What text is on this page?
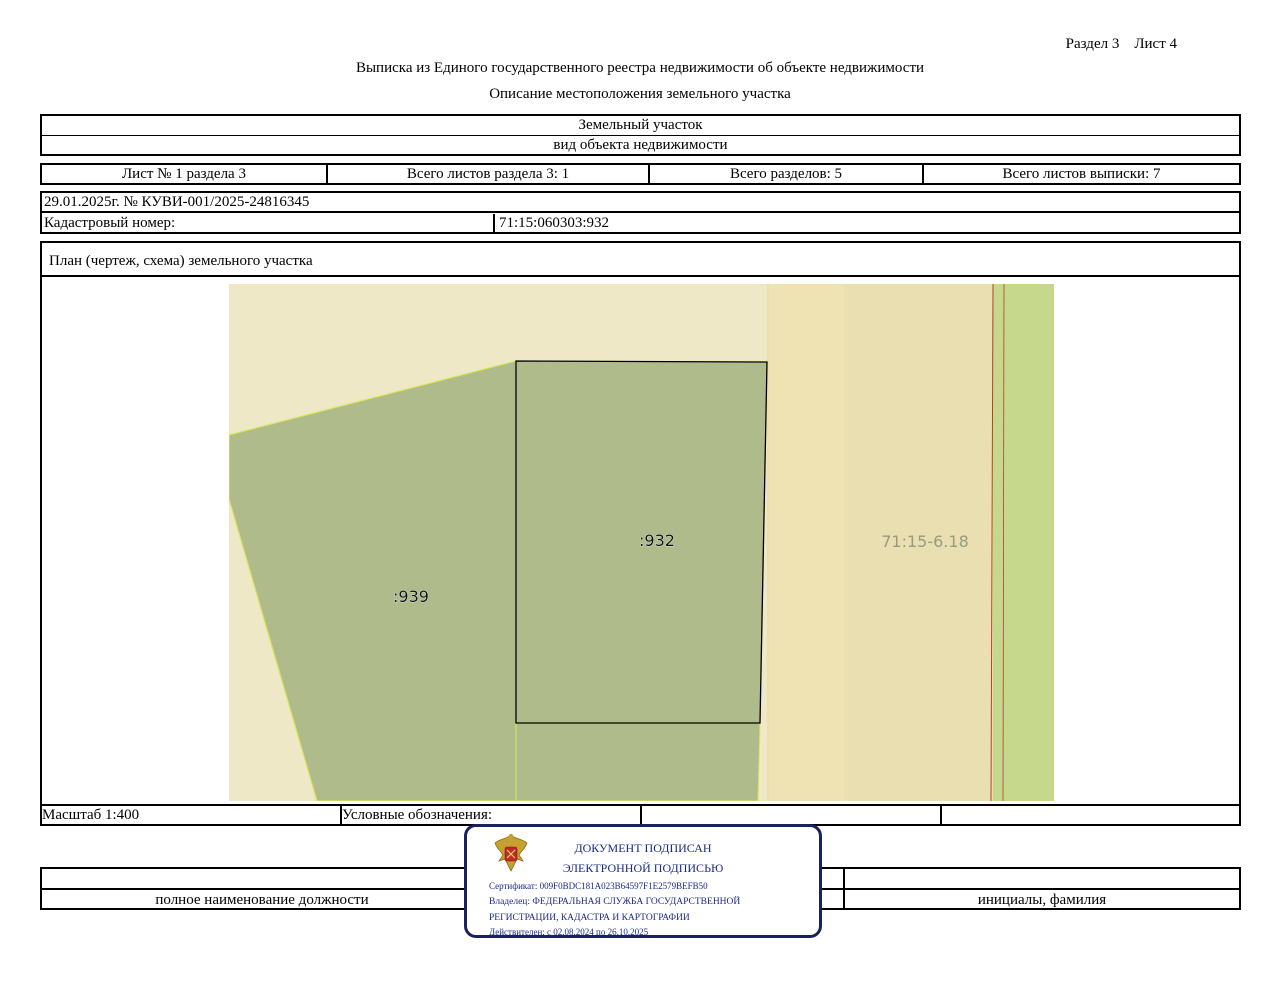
Раздел 3    Лист 4
Выписка из Единого государственного реестра недвижимости об объекте недвижимости
Описание местоположения земельного участка
Земельный участок
вид объекта недвижимости
Лист № 1 раздела 3	Всего листов раздела 3: 1	Всего разделов: 5	Всего листов выписки: 7
29.01.2025г. № КУВИ-001/2025-24816345
Кадастровый номер:	71:15:060303:932
План (чертеж, схема) земельного участка
:932
:939
71:15-6.18
Масштаб 1:400	Условные обозначения:
полное наименование должности	инициалы, фамилия
ДОКУМЕНТ ПОДПИСАН
ЭЛЕКТРОННОЙ ПОДПИСЬЮ
Сертификат: 009F0BDC181A023B64597F1E2579BEFB50
Владелец: ФЕДЕРАЛЬНАЯ СЛУЖБА ГОСУДАРСТВЕННОЙ
РЕГИСТРАЦИИ, КАДАСТРА И КАРТОГРАФИИ
Действителен: с 02.08.2024 по 26.10.2025
